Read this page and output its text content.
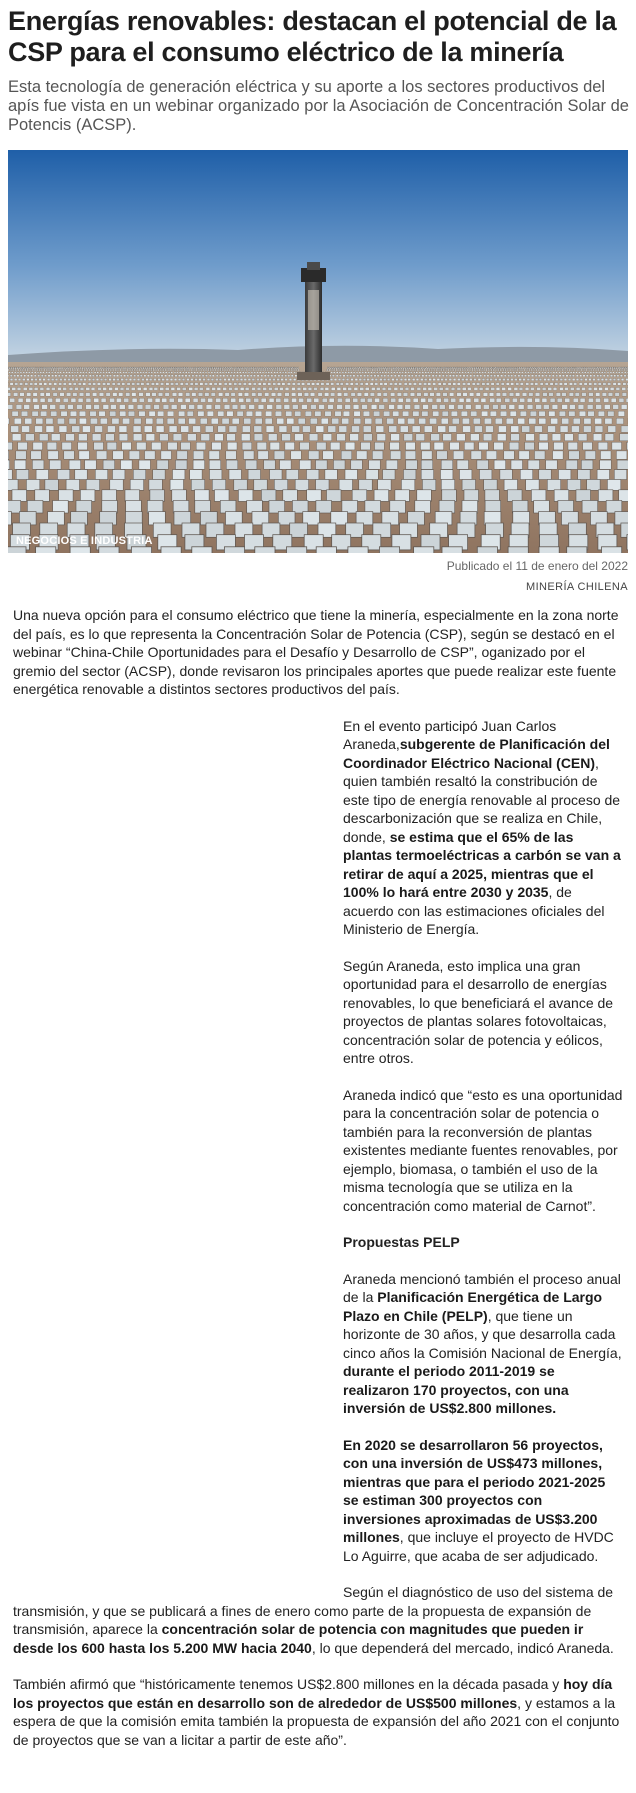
Energías renovables: destacan el potencial de la CSP para el consumo eléctrico de la minería

Esta tecnología de generación eléctrica y su aporte a los sectores productivos del apís fue vista en un webinar organizado por la Asociación de Concentración Solar de Potencis (ACSP).

NEGOCIOS E INDUSTRIA
Publicado el 11 de enero del 2022
MINERÍA CHILENA

Una nueva opción para el consumo eléctrico que tiene la minería, especialmente en la zona norte del país, es lo que representa la Concentración Solar de Potencia (CSP), según se destacó en el webinar “China-Chile Oportunidades para el Desafío y Desarrollo de CSP”, oganizado por el gremio del sector (ACSP), donde revisaron los principales aportes que puede realizar este fuente energética renovable a distintos sectores productivos del país.

En el evento participó Juan Carlos Araneda,subgerente de Planificación del Coordinador Eléctrico Nacional (CEN), quien también resaltó la constribución de este tipo de energía renovable al proceso de descarbonización que se realiza en Chile, donde, se estima que el 65% de las plantas termoeléctricas a carbón se van a retirar de aquí a 2025, mientras que el 100% lo hará entre 2030 y 2035, de acuerdo con las estimaciones oficiales del Ministerio de Energía.

Según Araneda, esto implica una gran oportunidad para el desarrollo de energías renovables, lo que beneficiará el avance de proyectos de plantas solares fotovoltaicas, concentración solar de potencia y eólicos, entre otros.

Araneda indicó que “esto es una oportunidad para la concentración solar de potencia o también para la reconversión de plantas existentes mediante fuentes renovables, por ejemplo, biomasa, o también el uso de la misma tecnología que se utiliza en la concentración como material de Carnot”.

Propuestas PELP

Araneda mencionó también el proceso anual de la Planificación Energética de Largo Plazo en Chile (PELP), que tiene un horizonte de 30 años, y que desarrolla cada cinco años la Comisión Nacional de Energía, durante el periodo 2011-2019 se realizaron 170 proyectos, con una inversión de US$2.800 millones.

En 2020 se desarrollaron 56 proyectos, con una inversión de US$473 millones, mientras que para el periodo 2021-2025 se estiman 300 proyectos con inversiones aproximadas de US$3.200 millones, que incluye el proyecto de HVDC Lo Aguirre, que acaba de ser adjudicado.

Según el diagnóstico de uso del sistema de transmisión, y que se publicará a fines de enero como parte de la propuesta de expansión de transmisión, aparece la concentración solar de potencia con magnitudes que pueden ir desde los 600 hasta los 5.200 MW hacia 2040, lo que dependerá del mercado, indicó Araneda.

También afirmó que “históricamente tenemos US$2.800 millones en la década pasada y hoy día los proyectos que están en desarrollo son de alrededor de US$500 millones, y estamos a la espera de que la comisión emita también la propuesta de expansión del año 2021 con el conjunto de proyectos que se van a licitar a partir de este año”.
